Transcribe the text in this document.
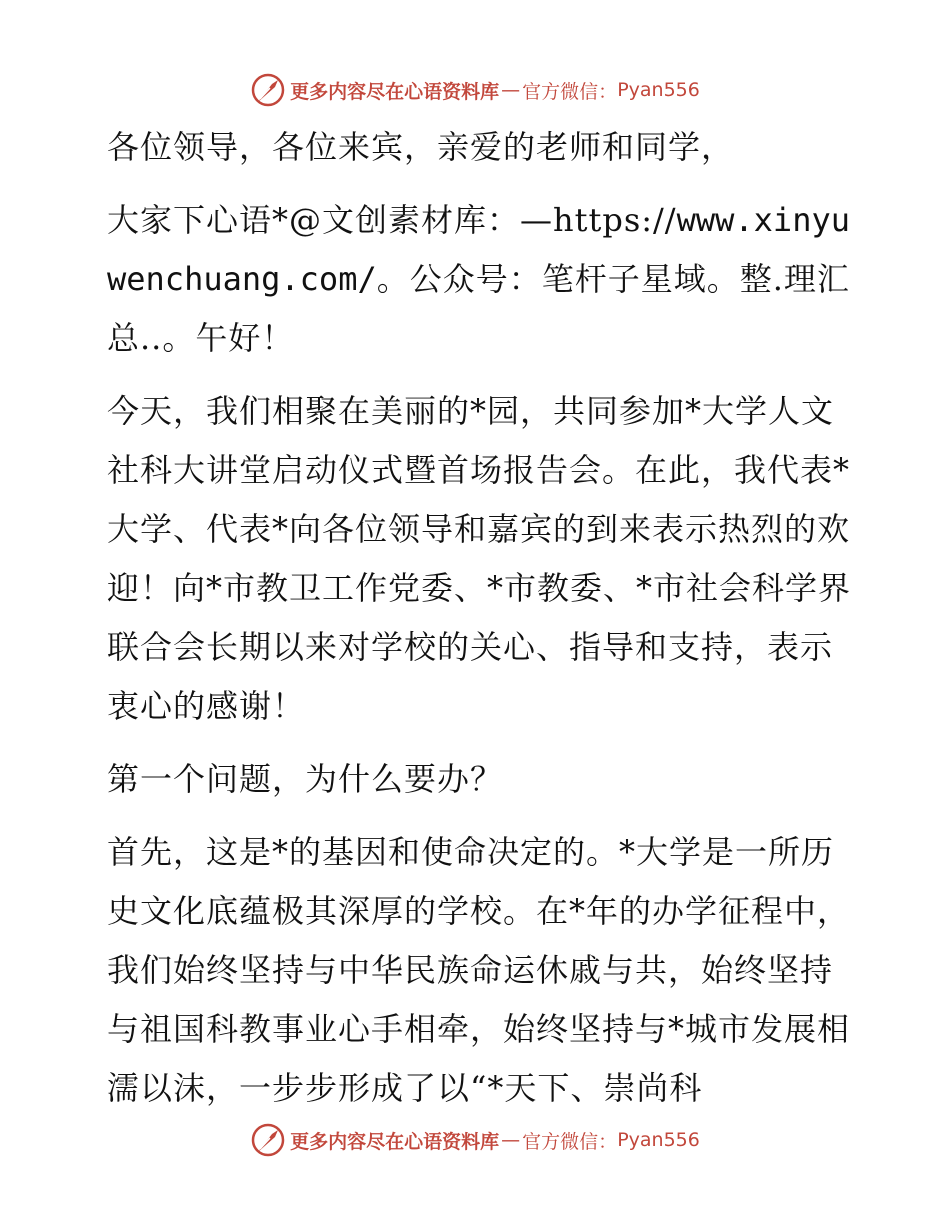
更多内容尽在心语资料库 — 官方微信： Pyan556

各位领导，各位来宾，亲爱的老师和同学，

大家下心语*@文创素材库：—https://www.xinyuwenchuang.com/。公众号：笔杆子星域。整.理汇总..。午好！

今天，我们相聚在美丽的*园，共同参加*大学人文社科大讲堂启动仪式暨首场报告会。在此，我代表*大学、代表*向各位领导和嘉宾的到来表示热烈的欢迎！向*市教卫工作党委、*市教委、*市社会科学界联合会长期以来对学校的关心、指导和支持，表示衷心的感谢！

第一个问题，为什么要办？

首先，这是*的基因和使命决定的。*大学是一所历史文化底蕴极其深厚的学校。在*年的办学征程中，我们始终坚持与中华民族命运休戚与共，始终坚持与祖国科教事业心手相牵，始终坚持与*城市发展相濡以沫，一步步形成了以“*天下、崇尚科

更多内容尽在心语资料库 — 官方微信： Pyan556
